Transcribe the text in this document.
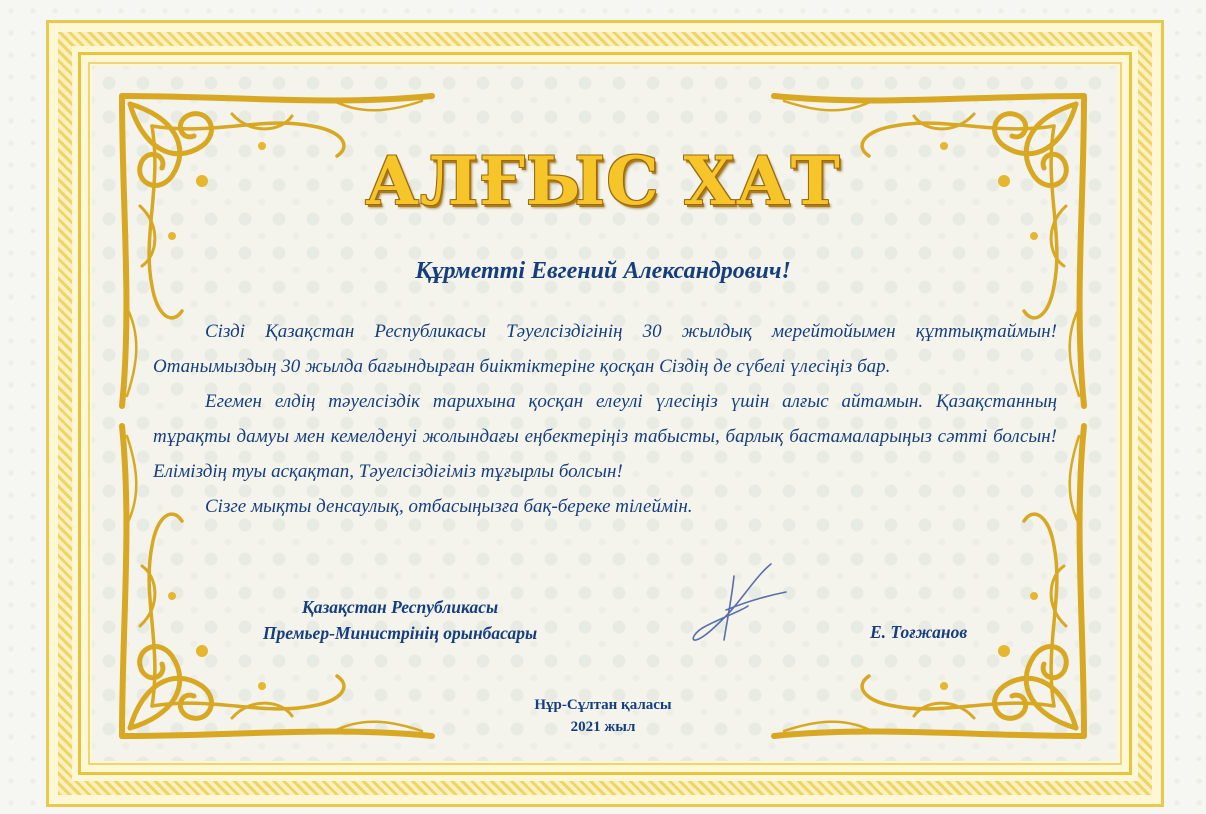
АЛҒЫС ХАТ
Құрметті Евгений Александрович!

Сізді Қазақстан Республикасы Тәуелсіздігінің 30 жылдық мерейтойымен құттықтаймын! Отанымыздың 30 жылда бағындырған биіктіктеріне қосқан Сіздің де сүбелі үлесіңіз бар.

Егемен елдің тәуелсіздік тарихына қосқан елеулі үлесіңіз үшін алғыс айтамын. Қазақстанның тұрақты дамуы мен кемелденуі жолындағы еңбектеріңіз табысты, барлық бастамаларыңыз сәтті болсын! Еліміздің туы асқақтап, Тәуелсіздігіміз тұғырлы болсын!

Сізге мықты денсаулық, отбасыңызға бақ-береке тілеймін.

Қазақстан Республикасы
Премьер-Министрінің орынбасары	Е. Тоғжанов
Нұр-Сұлтан қаласы
2021 жыл
